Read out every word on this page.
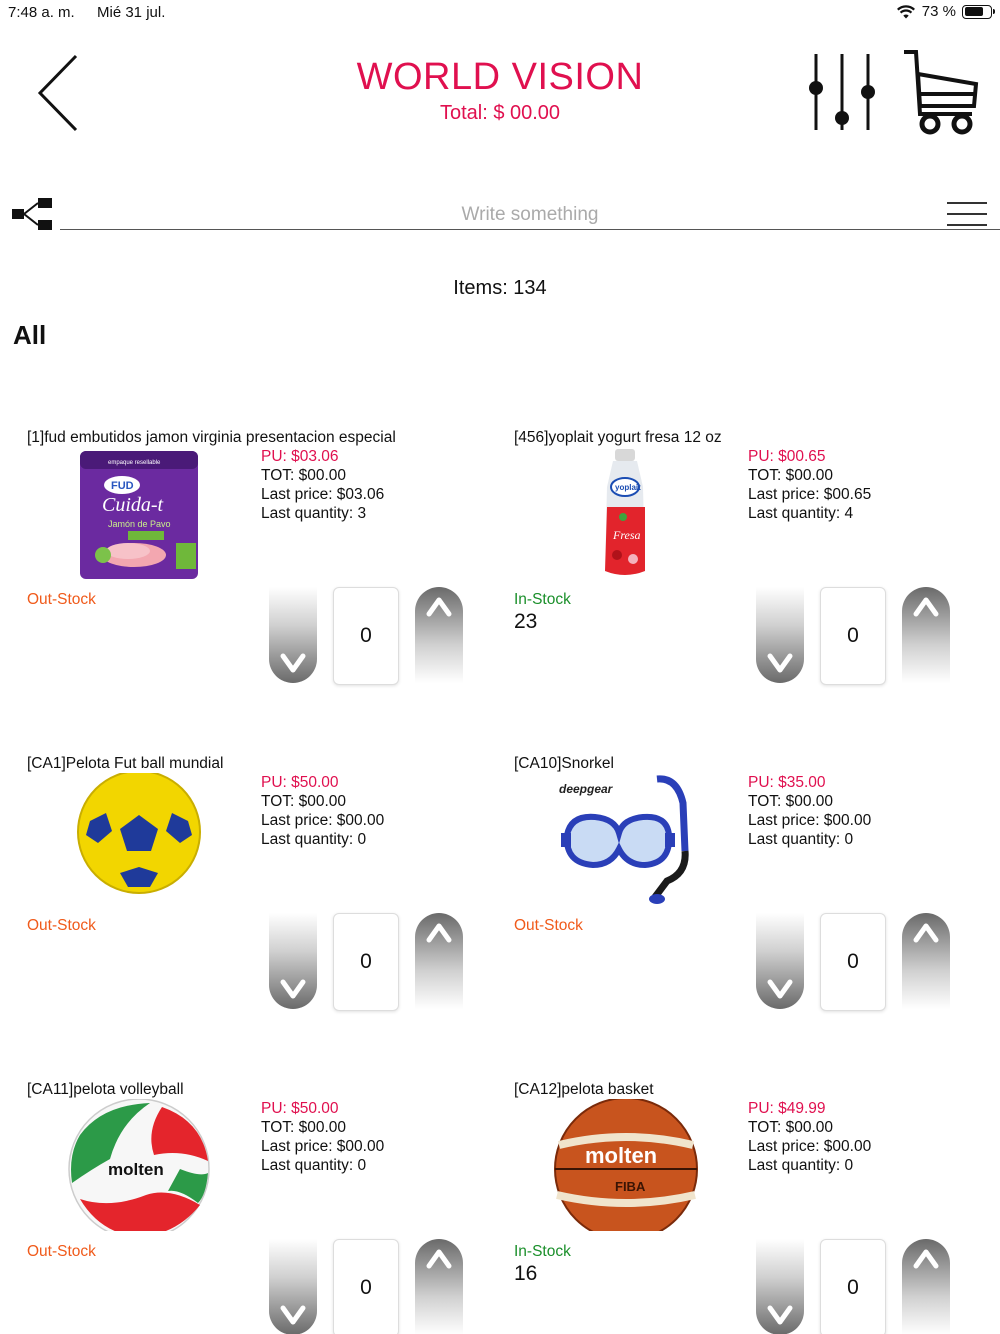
7:48 a. m. Mié 31 jul.	73 %
WORLD VISION
Total: $ 00.00
Write something
Items: 134
All
[1]fud embutidos jamon virginia presentacion especial
empaque resellable
FUD
Cuida-t
Jamón de Pavo
PU: $03.06
TOT: $00.00
Last price: $03.06
Last quantity: 3
Out-Stock
0
[456]yoplait yogurt fresa 12 oz
yoplait
Fresa
PU: $00.65
TOT: $00.00
Last price: $00.65
Last quantity: 4
In-Stock
23
0
[CA1]Pelota Fut ball mundial
PU: $50.00
TOT: $00.00
Last price: $00.00
Last quantity: 0
Out-Stock
0
[CA10]Snorkel
deepgear	PU: $35.00
TOT: $00.00
Last price: $00.00
Last quantity: 0
Out-Stock
0
[CA11]pelota volleyball
molten
PU: $50.00
TOT: $00.00
Last price: $00.00
Last quantity: 0
Out-Stock
0
[CA12]pelota basket
molten
FIBA
PU: $49.99
TOT: $00.00
Last price: $00.00
Last quantity: 0
In-Stock
16
0
